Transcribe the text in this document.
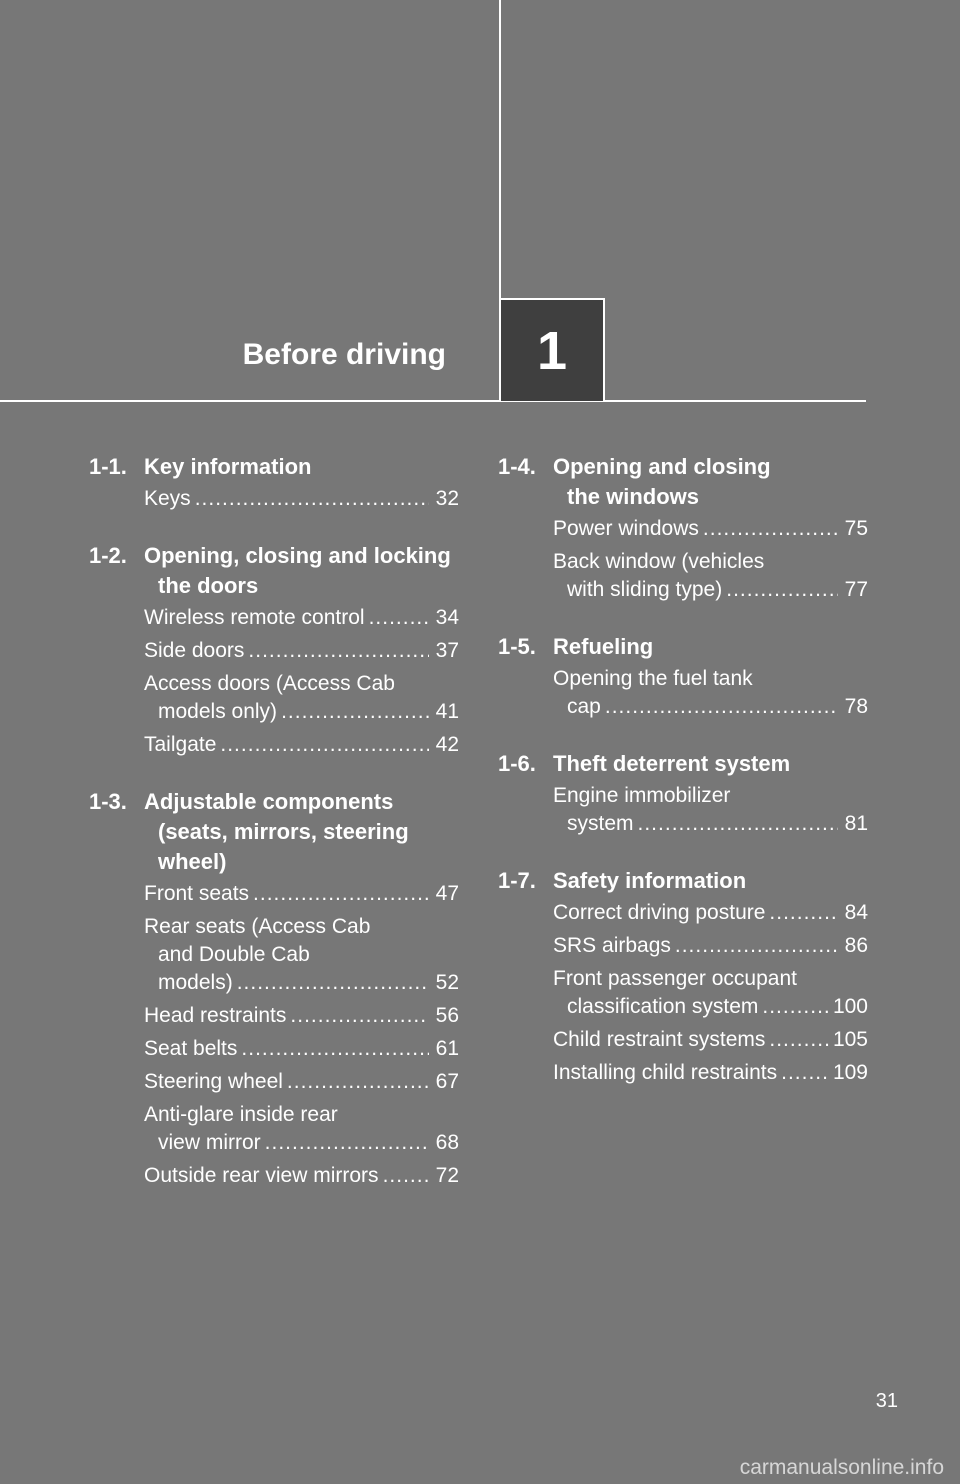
Before driving	1
1-1. Key information
Keys .....	32
1-2. Opening, closing and locking
the doors
Wireless remote control .....	34
Side doors .....	37
Access doors (Access Cab
models only) .....	41
Tailgate .....	42
1-3. Adjustable components
(seats, mirrors, steering wheel)
Front seats .....	47
Rear seats (Access Cab
and Double Cab
models) .....	52
Head restraints .....	56
Seat belts .....	61
Steering wheel .....	67
Anti-glare inside rear
view mirror .....	68
Outside rear view mirrors .....	72
1-4. Opening and closing
the windows
Power windows .....	75
Back window (vehicles
with sliding type) .....	77
1-5. Refueling
Opening the fuel tank
cap .....	78
1-6. Theft deterrent system
Engine immobilizer
system .....	81
1-7. Safety information
Correct driving posture .....	84
SRS airbags .....	86
Front passenger occupant
classification system .....	100
Child restraint systems .....	105
Installing child restraints .....	109
31
carmanualsonline.info
